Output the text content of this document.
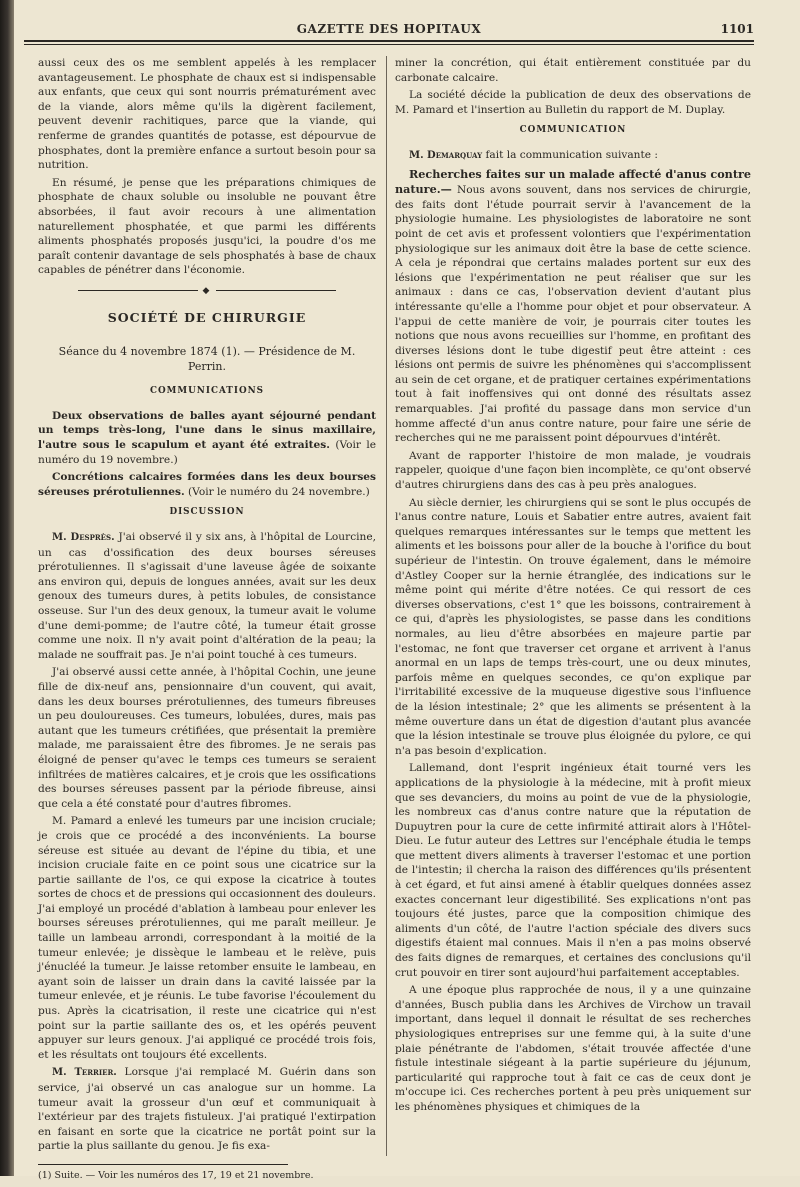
GAZETTE DES HOPITAUX	1101

aussi ceux des os me semblent appelés à les remplacer avantageusement. Le phosphate de chaux est si indispensable aux enfants, que ceux qui sont nourris prématurément avec de la viande, alors même qu'ils la digèrent facilement, peuvent devenir rachitiques, parce que la viande, qui renferme de grandes quantités de potasse, est dépourvue de phosphates, dont la première enfance a surtout besoin pour sa nutrition.

En résumé, je pense que les préparations chimiques de phosphate de chaux soluble ou insoluble ne pouvant être absorbées, il faut avoir recours à une alimentation naturellement phosphatée, et que parmi les différents aliments phosphatés proposés jusqu'ici, la poudre d'os me paraît contenir davantage de sels phosphatés à base de chaux capables de pénétrer dans l'économie.

◆
SOCIÉTÉ DE CHIRURGIE
Séance du 4 novembre 1874 (1). — Présidence de M. Perrin.
COMMUNICATIONS

Deux observations de balles ayant séjourné pendant un temps très-long, l'une dans le sinus maxillaire, l'autre sous le scapulum et ayant été extraites. (Voir le numéro du 19 novembre.)

Concrétions calcaires formées dans les deux bourses séreuses prérotuliennes. (Voir le numéro du 24 novembre.)

DISCUSSION

M. Desprès. J'ai observé il y six ans, à l'hôpital de Lourcine, un cas d'ossification des deux bourses séreuses prérotuliennes. Il s'agissait d'une laveuse âgée de soixante ans environ qui, depuis de longues années, avait sur les deux genoux des tumeurs dures, à petits lobules, de consistance osseuse. Sur l'un des deux genoux, la tumeur avait le volume d'une demi-pomme; de l'autre côté, la tumeur était grosse comme une noix. Il n'y avait point d'altération de la peau; la malade ne souffrait pas. Je n'ai point touché à ces tumeurs.

J'ai observé aussi cette année, à l'hôpital Cochin, une jeune fille de dix-neuf ans, pensionnaire d'un couvent, qui avait, dans les deux bourses prérotuliennes, des tumeurs fibreuses un peu douloureuses. Ces tumeurs, lobulées, dures, mais pas autant que les tumeurs crétifiées, que présentait la première malade, me paraissaient être des fibromes. Je ne serais pas éloigné de penser qu'avec le temps ces tumeurs se seraient infiltrées de matières calcaires, et je crois que les ossifications des bourses séreuses passent par la période fibreuse, ainsi que cela a été constaté pour d'autres fibromes.

M. Pamard a enlevé les tumeurs par une incision cruciale; je crois que ce procédé a des inconvénients. La bourse séreuse est située au devant de l'épine du tibia, et une incision cruciale faite en ce point sous une cicatrice sur la partie saillante de l'os, ce qui expose la cicatrice à toutes sortes de chocs et de pressions qui occasionnent des douleurs. J'ai employé un procédé d'ablation à lambeau pour enlever les bourses séreuses prérotuliennes, qui me paraît meilleur. Je taille un lambeau arrondi, correspondant à la moitié de la tumeur enlevée; je dissèque le lambeau et le relève, puis j'énucléé la tumeur. Je laisse retomber ensuite le lambeau, en ayant soin de laisser un drain dans la cavité laissée par la tumeur enlevée, et je réunis. Le tube favorise l'écoulement du pus. Après la cicatrisation, il reste une cicatrice qui n'est point sur la partie saillante des os, et les opérés peuvent appuyer sur leurs genoux. J'ai appliqué ce procédé trois fois, et les résultats ont toujours été excellents.

M. Terrier. Lorsque j'ai remplacé M. Guérin dans son service, j'ai observé un cas analogue sur un homme. La tumeur avait la grosseur d'un œuf et communiquait à l'extérieur par des trajets fistuleux. J'ai pratiqué l'extirpation en faisant en sorte que la cicatrice ne portât point sur la partie la plus saillante du genou. Je fis exa-

(1) Suite. — Voir les numéros des 17, 19 et 21 novembre.

miner la concrétion, qui était entièrement constituée par du carbonate calcaire.

La société décide la publication de deux des observations de M. Pamard et l'insertion au Bulletin du rapport de M. Duplay.

COMMUNICATION

M. Demarquay fait la communication suivante :

Recherches faites sur un malade affecté d'anus contre nature.— Nous avons souvent, dans nos services de chirurgie, des faits dont l'étude pourrait servir à l'avancement de la physiologie humaine. Les physiologistes de laboratoire ne sont point de cet avis et professent volontiers que l'expérimentation physiologique sur les animaux doit être la base de cette science. A cela je répondrai que certains malades portent sur eux des lésions que l'expérimentation ne peut réaliser que sur les animaux : dans ce cas, l'observation devient d'autant plus intéressante qu'elle a l'homme pour objet et pour observateur. A l'appui de cette manière de voir, je pourrais citer toutes les notions que nous avons recueillies sur l'homme, en profitant des diverses lésions dont le tube digestif peut être atteint : ces lésions ont permis de suivre les phénomènes qui s'accomplissent au sein de cet organe, et de pratiquer certaines expérimentations tout à fait inoffensives qui ont donné des résultats assez remarquables. J'ai profité du passage dans mon service d'un homme affecté d'un anus contre nature, pour faire une série de recherches qui ne me paraissent point dépourvues d'intérêt.

Avant de rapporter l'histoire de mon malade, je voudrais rappeler, quoique d'une façon bien incomplète, ce qu'ont observé d'autres chirurgiens dans des cas à peu près analogues.

Au siècle dernier, les chirurgiens qui se sont le plus occupés de l'anus contre nature, Louis et Sabatier entre autres, avaient fait quelques remarques intéressantes sur le temps que mettent les aliments et les boissons pour aller de la bouche à l'orifice du bout supérieur de l'intestin. On trouve également, dans le mémoire d'Astley Cooper sur la hernie étranglée, des indications sur le même point qui mérite d'être notées. Ce qui ressort de ces diverses observations, c'est 1° que les boissons, contrairement à ce qui, d'après les physiologistes, se passe dans les conditions normales, au lieu d'être absorbées en majeure partie par l'estomac, ne font que traverser cet organe et arrivent à l'anus anormal en un laps de temps très-court, une ou deux minutes, parfois même en quelques secondes, ce qu'on explique par l'irritabilité excessive de la muqueuse digestive sous l'influence de la lésion intestinale; 2° que les aliments se présentent à la même ouverture dans un état de digestion d'autant plus avancée que la lésion intestinale se trouve plus éloignée du pylore, ce qui n'a pas besoin d'explication.

Lallemand, dont l'esprit ingénieux était tourné vers les applications de la physiologie à la médecine, mit à profit mieux que ses devanciers, du moins au point de vue de la physiologie, les nombreux cas d'anus contre nature que la réputation de Dupuytren pour la cure de cette infirmité attirait alors à l'Hôtel-Dieu. Le futur auteur des Lettres sur l'encéphale étudia le temps que mettent divers aliments à traverser l'estomac et une portion de l'intestin; il chercha la raison des différences qu'ils présentent à cet égard, et fut ainsi amené à établir quelques données assez exactes concernant leur digestibilité. Ses explications n'ont pas toujours été justes, parce que la composition chimique des aliments d'un côté, de l'autre l'action spéciale des divers sucs digestifs étaient mal connues. Mais il n'en a pas moins observé des faits dignes de remarques, et certaines des conclusions qu'il crut pouvoir en tirer sont aujourd'hui parfaitement acceptables.

A une époque plus rapprochée de nous, il y a une quinzaine d'années, Busch publia dans les Archives de Virchow un travail important, dans lequel il donnait le résultat de ses recherches physiologiques entreprises sur une femme qui, à la suite d'une plaie pénétrante de l'abdomen, s'était trouvée affectée d'une fistule intestinale siégeant à la partie supérieure du jéjunum, particularité qui rapproche tout à fait ce cas de ceux dont je m'occupe ici. Ces recherches portent à peu près uniquement sur les phénomènes physiques et chimiques de la
